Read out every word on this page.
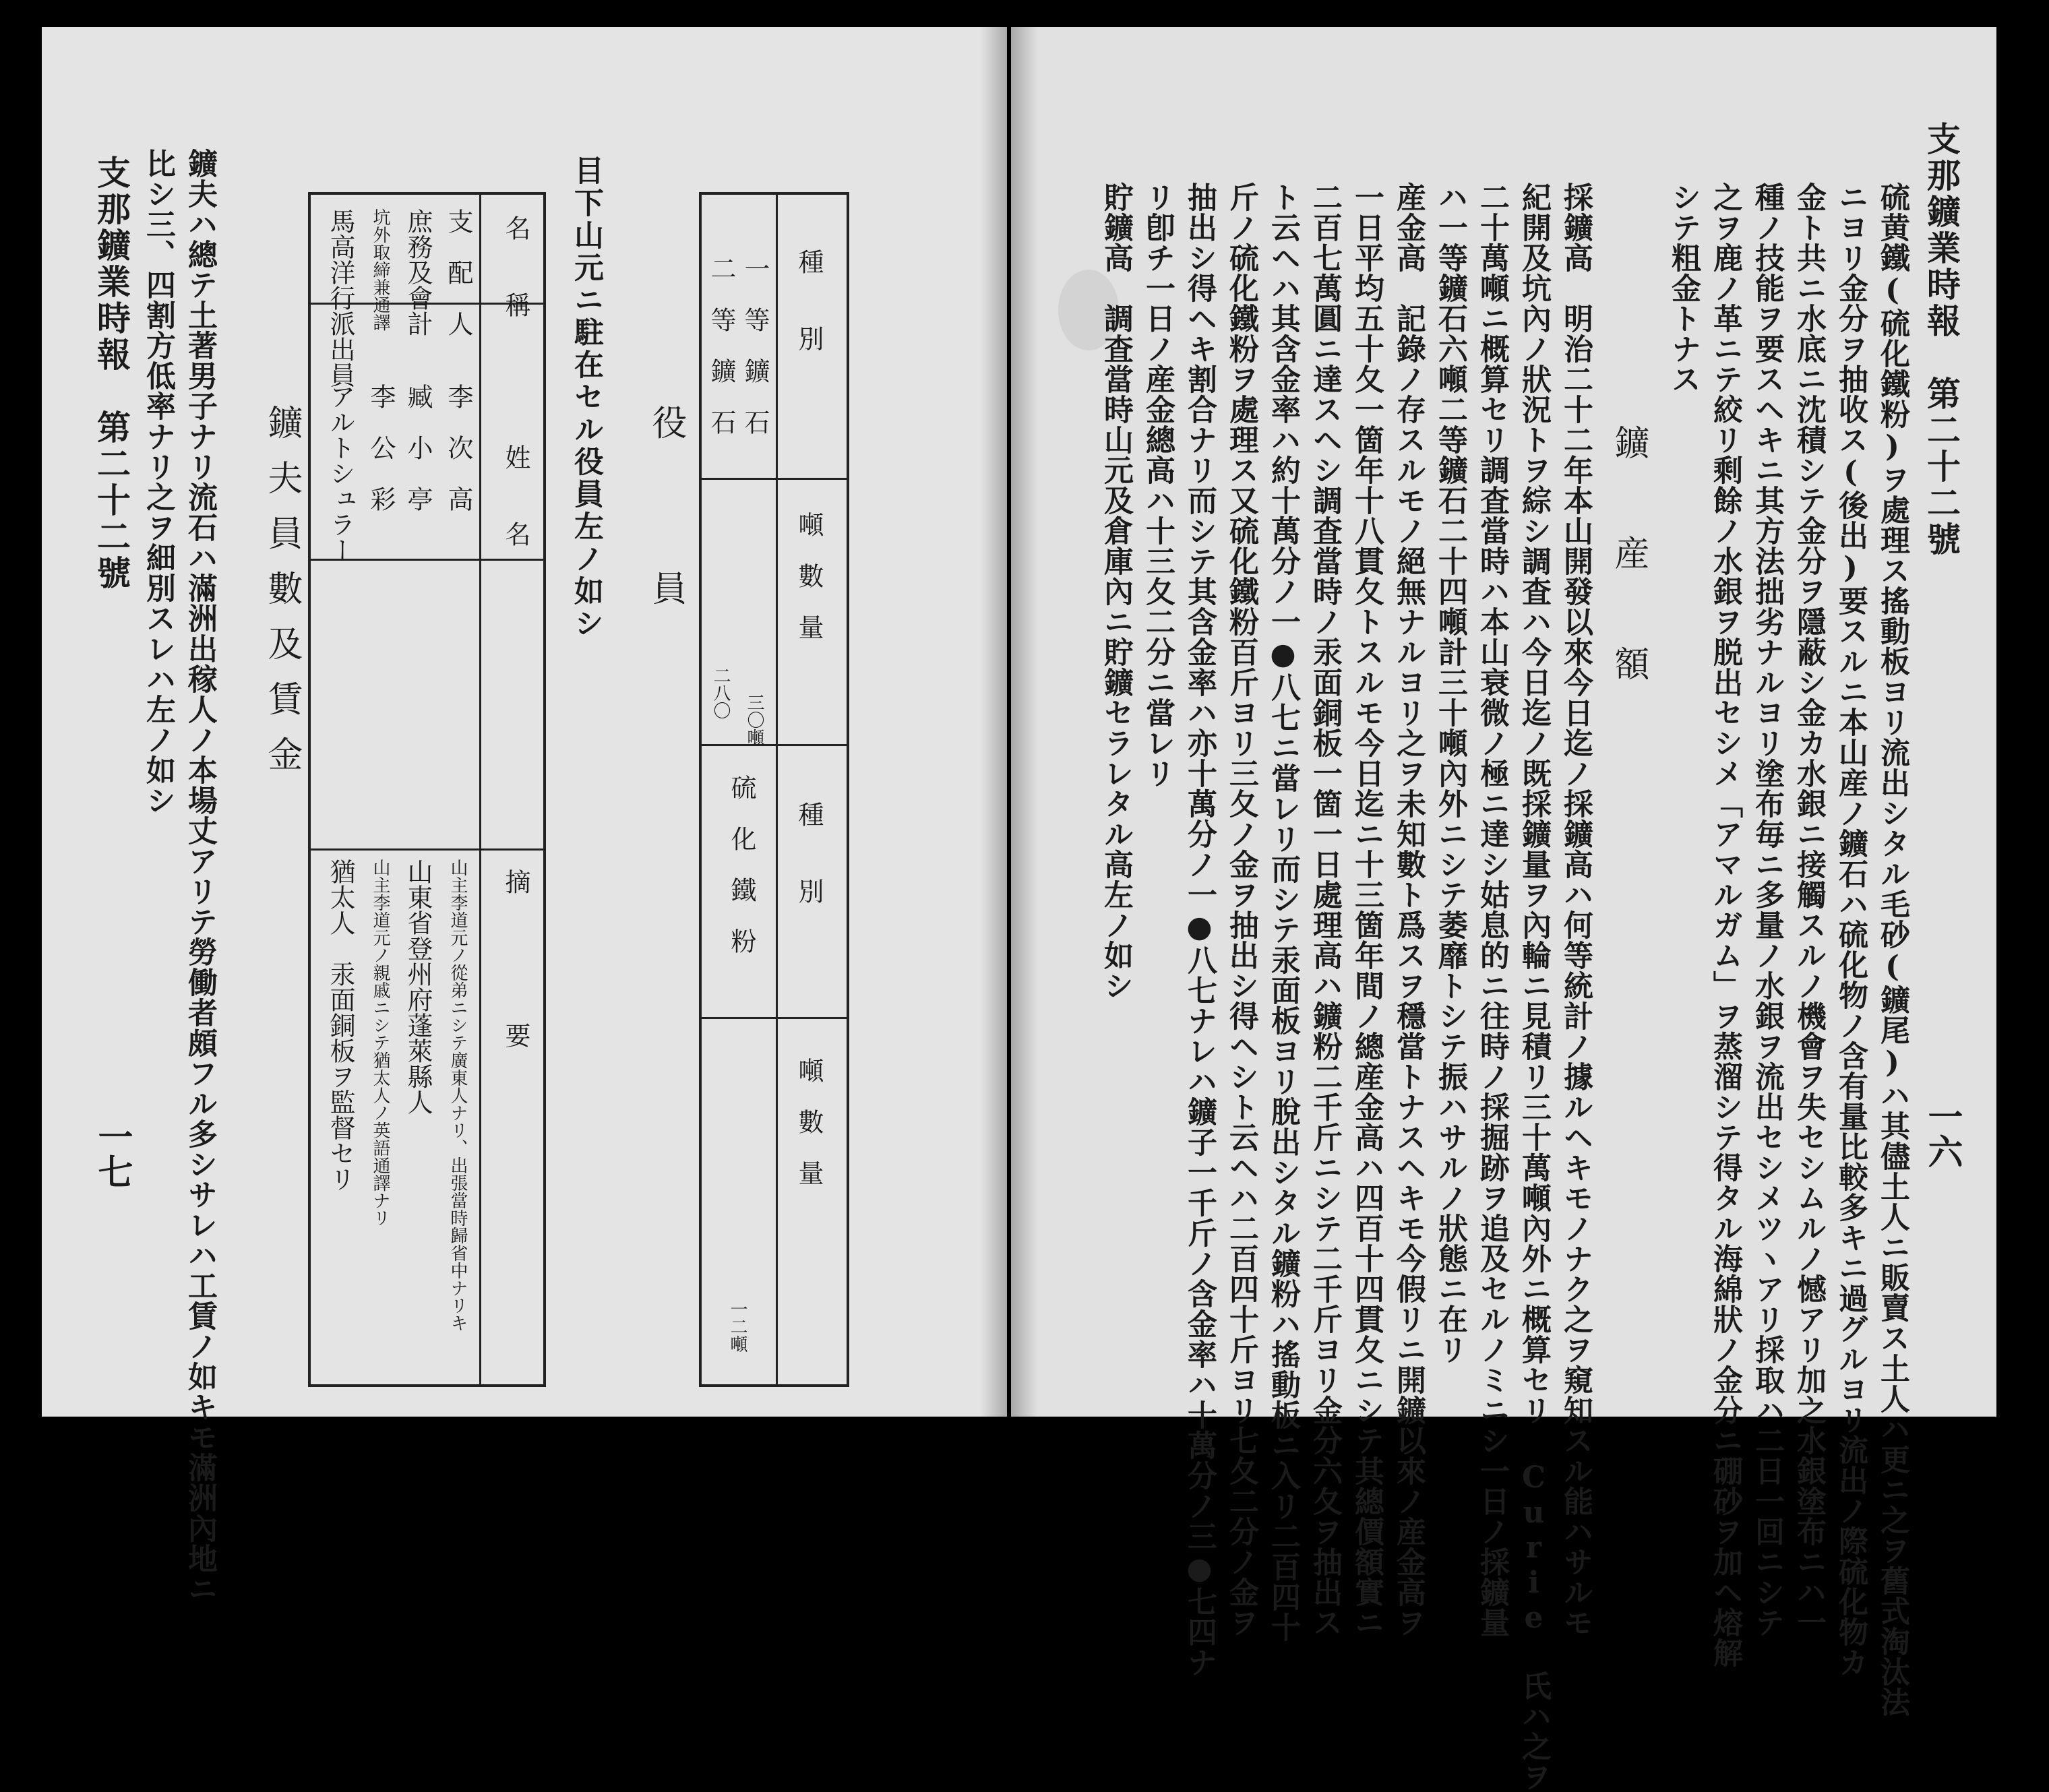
支那鑛業時報　第二十二號
一七
比シ三、四割方低率ナリ之ヲ細別スレハ左ノ如シ 鑛夫ハ總テ土著男子ナリ流石ハ滿洲出稼人ノ本場丈アリテ勞働者頗フル多シサレハ工賃ノ如キモ滿洲內地ニ 鑛夫員數及賃金
名　　稱
姓　　名
摘　　　　　要
支　配　人
李　次　高
山主李道元ノ從弟ニシテ廣東人ナリ、出張當時歸省中ナリキ
庶務及會計
臧　小　亭
山東省登州府蓬萊縣人
坑外取締兼通譯
李　公　彩
山主李道元ノ親戚ニシテ猶太人ノ英語通譯ナリ
馬高洋行派出員
アルトシュラー
猶太人　汞面銅板ヲ監督セリ
目下山元ニ駐在セル役員左ノ如シ 役　　員
種　　別
噸　數　量
種　　別
噸　數　量
一　等　鑛　石
三〇噸
二　等　鑛　石
二八〇
硫　化　鐵　粉
一二噸
支那鑛業時報　第二十二號
一六
硫黄鐵(硫化鐵粉)ヲ處理ス搖動板ヨリ流出シタル毛砂(鑛尾)ハ其儘土人ニ販賣ス土人ハ更ニ之ヲ舊式淘汰法
ニヨリ金分ヲ抽收ス(後出)要スルニ本山産ノ鑛石ハ硫化物ノ含有量比較多キニ過グルヨリ流出ノ際硫化物カ
金ト共ニ水底ニ沈積シテ金分ヲ隱蔽シ金カ水銀ニ接觸スルノ機會ヲ失セシムルノ憾アリ加之水銀塗布ニハ一
種ノ技能ヲ要スヘキニ其方法拙劣ナルヨリ塗布毎ニ多量ノ水銀ヲ流出セシメツヽアリ採取ハ二日一回ニシテ
之ヲ鹿ノ革ニテ絞リ剩餘ノ水銀ヲ脱出セシメ「アマルガム」ヲ蒸溜シテ得タル海綿狀ノ金分ニ硼砂ヲ加ヘ熔解
シテ粗金トナス
鑛　産　額
採鑛高　明治二十二年本山開發以來今日迄ノ採鑛高ハ何等統計ノ據ルヘキモノナク之ヲ窺知スル能ハサルモ
紀開及坑內ノ狀況トヲ綜シ調査ハ今日迄ノ既採鑛量ヲ內輪ニ見積リ三十萬噸內外ニ概算セリ Curie 氏ハ之ヲ
二十萬噸ニ概算セリ調査當時ハ本山衰微ノ極ニ達シ姑息的ニ往時ノ採掘跡ヲ追及セルノミニシ一日ノ採鑛量
ハ一等鑛石六噸二等鑛石二十四噸計三十噸內外ニシテ萎靡トシテ振ハサルノ狀態ニ在リ
産金高　記錄ノ存スルモノ絕無ナルヨリ之ヲ未知數ト爲スヲ穩當トナスヘキモ今假リニ開鑛以來ノ産金高ヲ
一日平均五十夂一箇年十八貫夂トスルモ今日迄ニ十三箇年間ノ總産金高ハ四百十四貫夂ニシテ其總價額實ニ
二百七萬圓ニ達スヘシ調査當時ノ汞面銅板一箇一日處理高ハ鑛粉二千斤ニシテ二千斤ヨリ金分六夂ヲ抽出ス
ト云ヘハ其含金率ハ約十萬分ノ一●八七ニ當レリ而シテ汞面板ヨリ脫出シタル鑛粉ハ搖動板ニ入リ二百四十
斤ノ硫化鐵粉ヲ處理ス又硫化鐵粉百斤ヨリ三夂ノ金ヲ抽出シ得ヘシト云ヘハ二百四十斤ヨリ七夂二分ノ金ヲ
抽出シ得ヘキ割合ナリ而シテ其含金率ハ亦十萬分ノ一●八七ナレハ鑛子一千斤ノ含金率ハ十萬分ノ三●七四ナ
リ卽チ一日ノ産金總高ハ十三夂二分ニ當レリ
貯鑛高　調査當時山元及倉庫內ニ貯鑛セラレタル高左ノ如シ
